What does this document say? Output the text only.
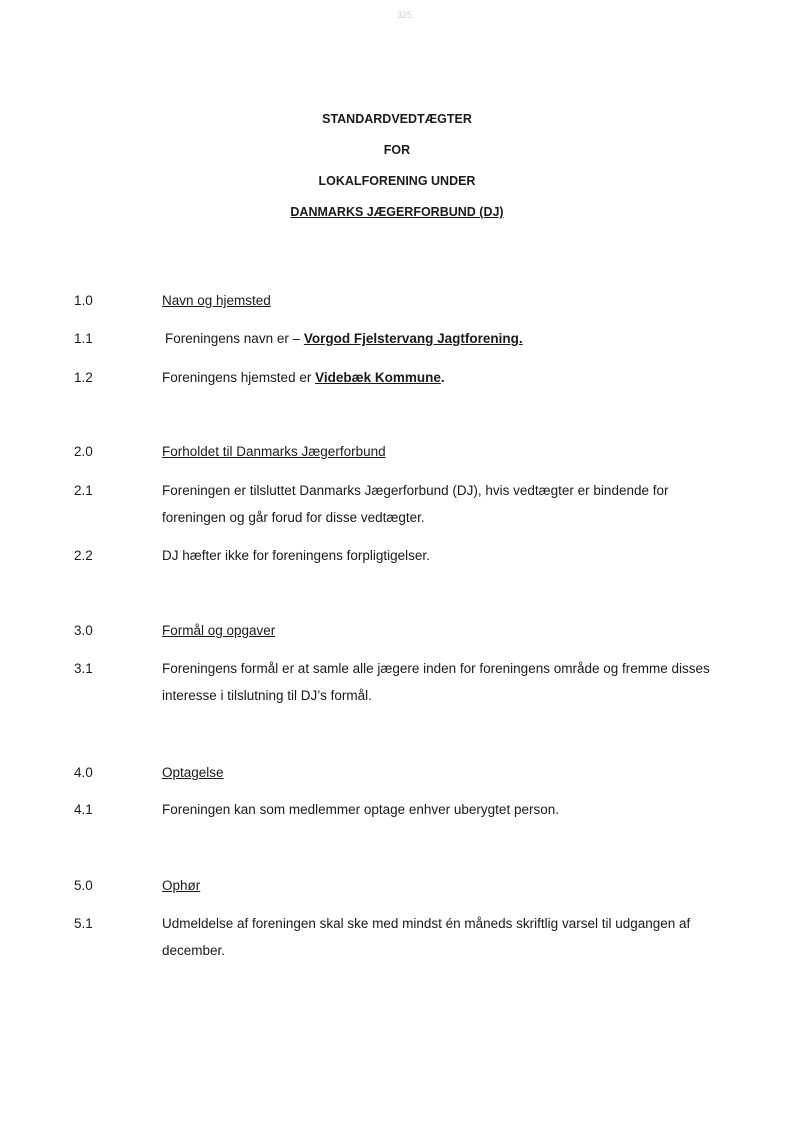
325
STANDARDVEDTÆGTER
FOR
LOKALFORENING UNDER
DANMARKS JÆGERFORBUND (DJ)
1.0	Navn og hjemsted
1.1	Foreningens navn er – Vorgod Fjelstervang Jagtforening.
1.2	Foreningens hjemsted er Videbæk Kommune.
2.0	Forholdet til Danmarks Jægerforbund
2.1	Foreningen er tilsluttet Danmarks Jægerforbund (DJ), hvis vedtægter er bindende for
foreningen og går forud for disse vedtægter.
2.2	DJ hæfter ikke for foreningens forpligtigelser.
3.0	Formål og opgaver
3.1	Foreningens formål er at samle alle jægere inden for foreningens område og fremme disses
interesse i tilslutning til DJ’s formål.
4.0	Optagelse
4.1	Foreningen kan som medlemmer optage enhver uberygtet person.
5.0	Ophør
5.1	Udmeldelse af foreningen skal ske med mindst én måneds skriftlig varsel til udgangen af
december.
